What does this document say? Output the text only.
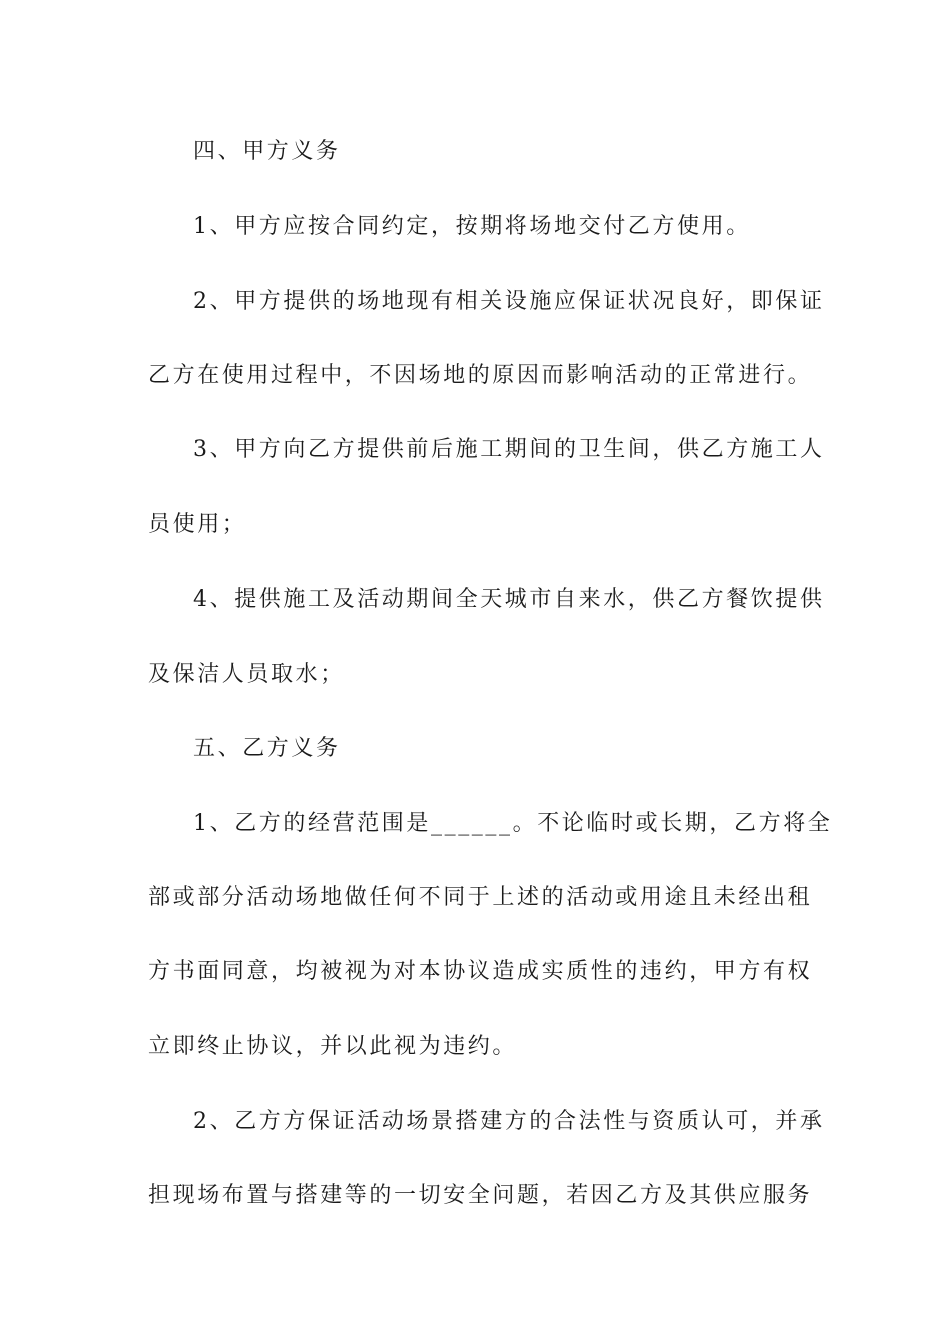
四、甲方义务
1、甲方应按合同约定，按期将场地交付乙方使用。
2、甲方提供的场地现有相关设施应保证状况良好，即保证
乙方在使用过程中，不因场地的原因而影响活动的正常进行。
3、甲方向乙方提供前后施工期间的卫生间，供乙方施工人
员使用；
4、提供施工及活动期间全天城市自来水，供乙方餐饮提供
及保洁人员取水；
五、乙方义务
1、乙方的经营范围是______。不论临时或长期，乙方将全
部或部分活动场地做任何不同于上述的活动或用途且未经出租
方书面同意，均被视为对本协议造成实质性的违约，甲方有权
立即终止协议，并以此视为违约。
2、乙方方保证活动场景搭建方的合法性与资质认可，并承
担现场布置与搭建等的一切安全问题，若因乙方及其供应服务
